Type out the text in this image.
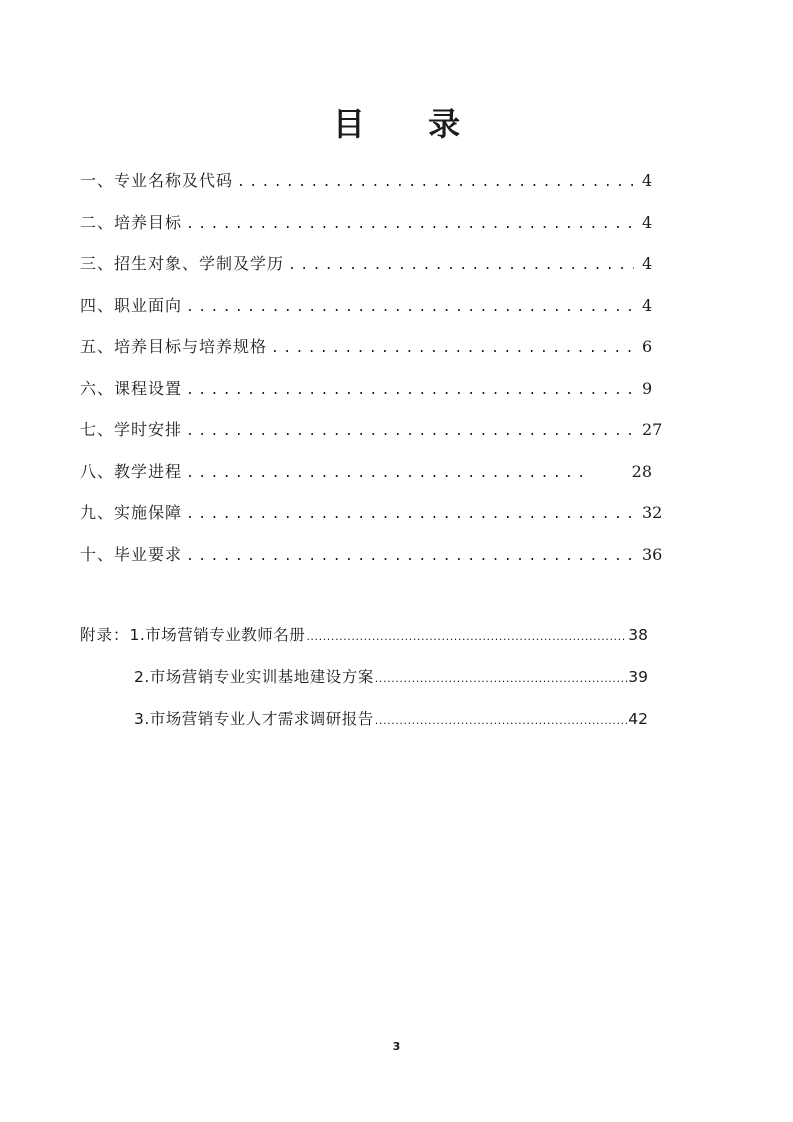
目 录
一、专业名称及代码 .....	4
二、培养目标 .....	4
三、招生对象、学制及学历 .....	4
四、职业面向 .....	4
五、培养目标与培养规格 .....	6
六、课程设置 .....	9
七、学时安排 .....	27
八、教学进程 .....	28
九、实施保障 .....	32
十、毕业要求 .....	36
附录： 1.市场营销专业教师名册 .....	38
2.市场营销专业实训基地建设方案 .....	39
3.市场营销专业人才需求调研报告 .....	42
3
